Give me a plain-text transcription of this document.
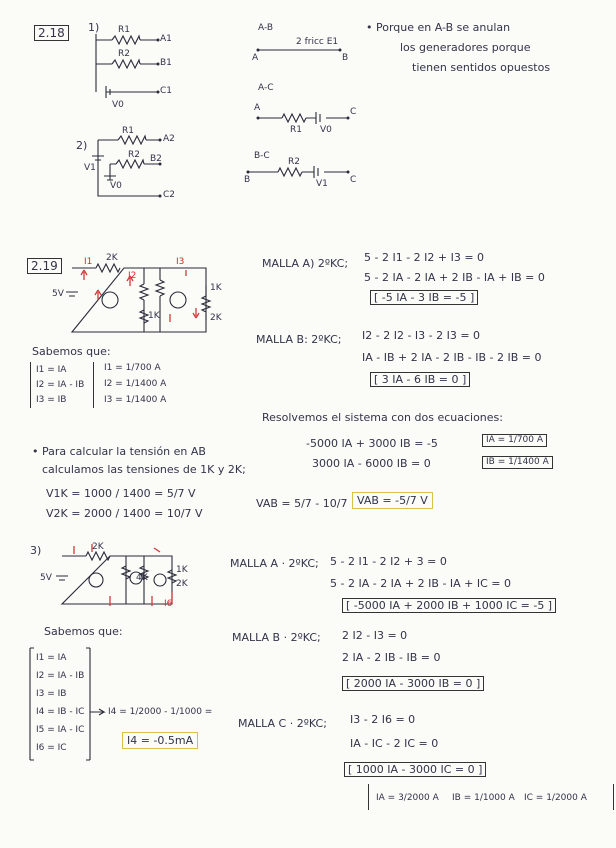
2.18	1) R1
R2
A1
B1
C1
V0
2)
R1
R2
A2
B2
C2
V1
V0
A-B
2 fricc E1
A	B
A-C
A	C
R1 V0
B-C
B	C
R2
V1
• Porque en A-B se anulan
los generadores porque
tienen sentidos opuestos
2.19
5V
2K
I1	I3
I2
1K
1K	2K
MALLA A) 2ºKC; 5 - 2 I1 - 2 I2 + I3 = 0
5 - 2 IA - 2 IA + 2 IB - IA + IB = 0
[ -5 IA - 3 IB = -5 ]
MALLA B: 2ºKC; I2 - 2 I2 - I3 - 2 I3 = 0
IA - IB + 2 IA - 2 IB - IB - 2 IB = 0
[ 3 IA - 6 IB = 0 ]
Sabemos que:
I1 = IA
I2 = IA - IB
I3 = IB
I1 = 1/700 A
I2 = 1/1400 A
I3 = 1/1400 A
Resolvemos el sistema con dos ecuaciones:
-5000 IA + 3000 IB = -5
3000 IA - 6000 IB = 0
IA = 1/700 A
IB = 1/1400 A
• Para calcular la tensión en AB
calculamos las tensiones de 1K y 2K;
V1K = 1000 / 1400 = 5/7 V
V2K = 2000 / 1400 = 10/7 V
VAB = 5/7 - 10/7 VAB = -5/7 V
3)
5V
2K
1K
2K
4K
I6
MALLA A · 2ºKC; 5 - 2 I1 - 2 I2 + 3 = 0
5 - 2 IA - 2 IA + 2 IB - IA + IC = 0
[ -5000 IA + 2000 IB + 1000 IC = -5 ]
MALLA B · 2ºKC; 2 I2 - I3 = 0
2 IA - 2 IB - IB = 0
[ 2000 IA - 3000 IB = 0 ]
MALLA C · 2ºKC; I3 - 2 I6 = 0
IA - IC - 2 IC = 0
[ 1000 IA - 3000 IC = 0 ]
Sabemos que:
I1 = IA
I2 = IA - IB
I3 = IB
I4 = IB - IC
I5 = IA - IC
I6 = IC
I4 = 1/2000 - 1/1000 =
I4 = -0.5mA
IA = 3/2000 A IB = 1/1000 A IC = 1/2000 A
